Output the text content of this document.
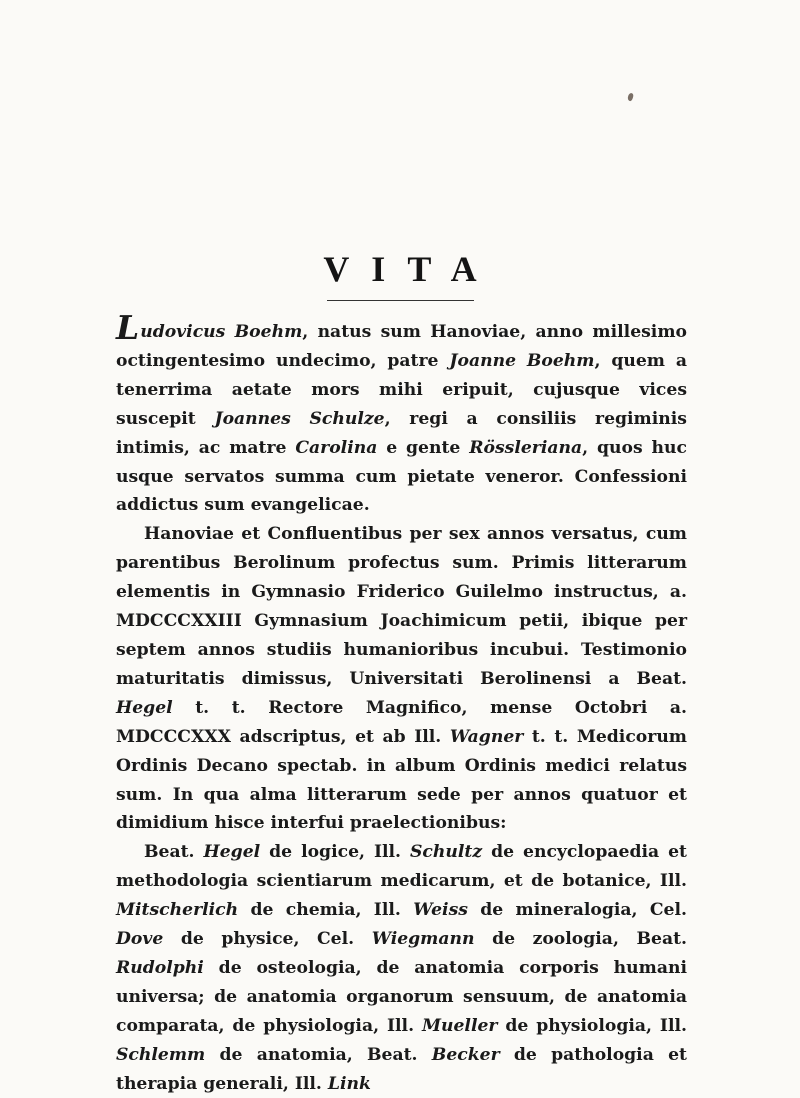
VITA

Ludovicus Boehm, natus sum Hanoviae, anno millesimo octingentesimo undecimo, patre Joanne Boehm, quem a tenerrima aetate mors mihi eripuit, cujusque vices suscepit Joannes Schulze, regi a consiliis regiminis intimis, ac matre Carolina e gente Rössleriana, quos huc usque servatos summa cum pietate veneror. Confessioni addictus sum evangelicae.

Hanoviae et Confluentibus per sex annos versatus, cum parentibus Berolinum profectus sum. Primis litterarum elementis in Gymnasio Friderico Guilelmo instructus, a. MDCCCXXIII Gymnasium Joachimicum petii, ibique per septem annos studiis humanioribus incubui. Testimonio maturitatis dimissus, Universitati Berolinensi a Beat. Hegel t. t. Rectore Magnifico, mense Octobri a. MDCCCXXX adscriptus, et ab Ill. Wagner t. t. Medicorum Ordinis Decano spectab. in album Ordinis medici relatus sum. In qua alma litterarum sede per annos quatuor et dimidium hisce interfui praelectionibus:

Beat. Hegel de logice, Ill. Schultz de encyclopaedia et methodologia scientiarum medicarum, et de botanice, Ill. Mitscherlich de chemia, Ill. Weiss de mineralogia, Cel. Dove de physice, Cel. Wiegmann de zoologia, Beat. Rudolphi de osteologia, de anatomia corporis humani universa; de anatomia organorum sensuum, de anatomia comparata, de physiologia, Ill. Mueller de physiologia, Ill. Schlemm de anatomia, Beat. Becker de pathologia et therapia generali, Ill. Link
